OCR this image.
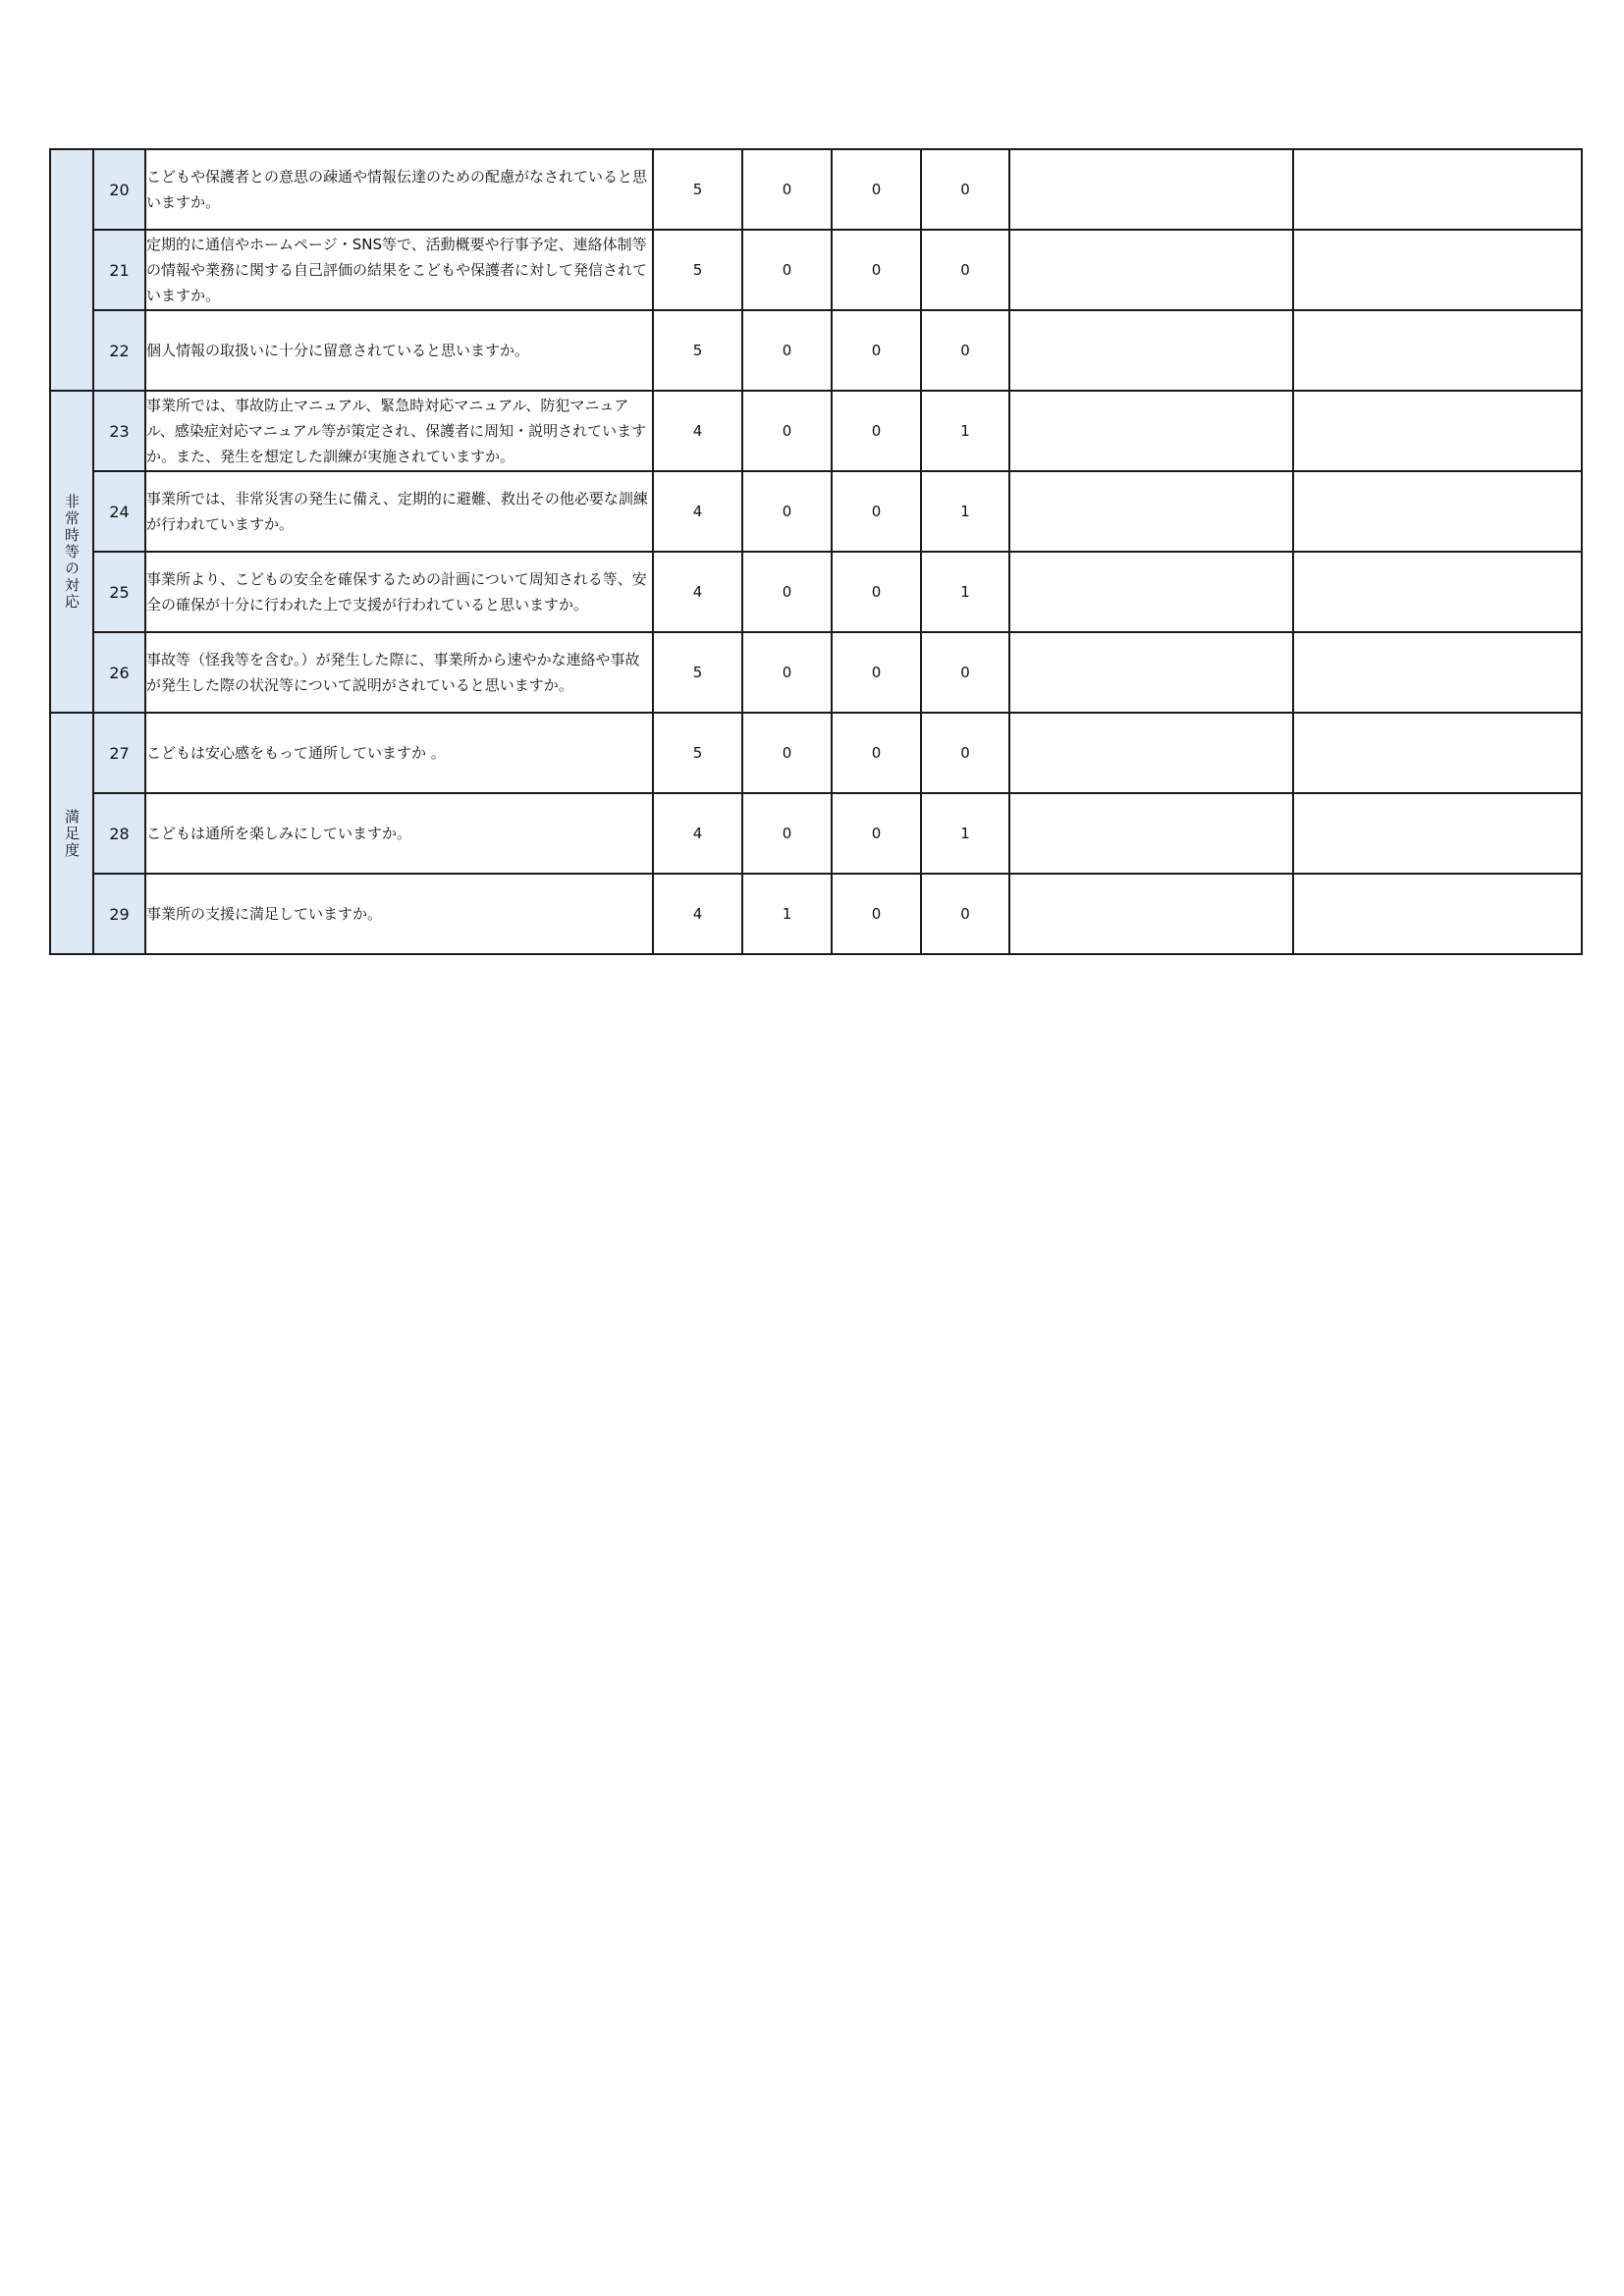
	20	こどもや保護者との意思の疎通や情報伝達のための配慮がなされていると思いますか。	5	0	0	0		
	21	定期的に通信やホームページ・SNS等で、活動概要や行事予定、連絡体制等の情報や業務に関する自己評価の結果をこどもや保護者に対して発信されていますか。	5	0	0	0		
	22	個人情報の取扱いに十分に留意されていると思いますか。	5	0	0	0		
非常時等の対応	23	事業所では、事故防止マニュアル、緊急時対応マニュアル、防犯マニュアル、感染症対応マニュアル等が策定され、保護者に周知・説明されていますか。また、発生を想定した訓練が実施されていますか。	4	0	0	1		
	24	事業所では、非常災害の発生に備え、定期的に避難、救出その他必要な訓練が行われていますか。	4	0	0	1		
	25	事業所より、こどもの安全を確保するための計画について周知される等、安全の確保が十分に行われた上で支援が行われていると思いますか。	4	0	0	1		
	26	事故等（怪我等を含む。）が発生した際に、事業所から速やかな連絡や事故が発生した際の状況等について説明がされていると思いますか。	5	0	0	0		
満足度	27	こどもは安心感をもって通所していますか 。	5	0	0	0		
	28	こどもは通所を楽しみにしていますか。	4	0	0	1		
	29	事業所の支援に満足していますか。	4	1	0	0		
